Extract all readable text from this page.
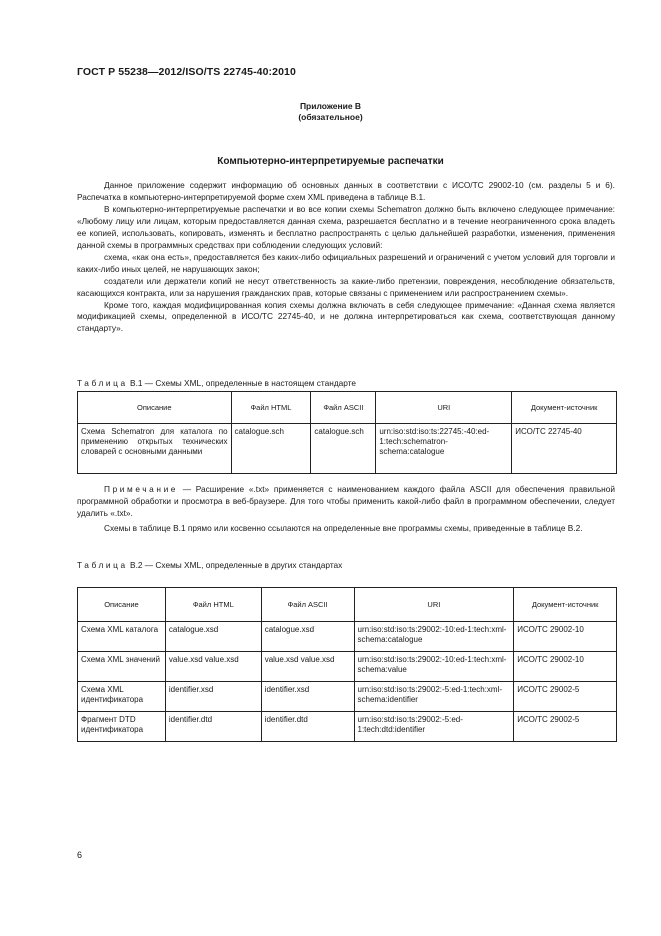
ГОСТ Р 55238—2012/ISO/TS 22745-40:2010
Приложение В
(обязательное)
Компьютерно-интерпретируемые распечатки

Данное приложение содержит информацию об основных данных в соответствии с ИСО/ТС 29002-10 (см. разделы 5 и 6). Распечатка в компьютерно-интерпретируемой форме схем XML приведена в таблице В.1.

В компьютерно-интерпретируемые распечатки и во все копии схемы Schematron должно быть включено следующее примечание: «Любому лицу или лицам, которым предоставляется данная схема, разрешается бесплатно и в течение неограниченного срока владеть ее копией, использовать, копировать, изменять и бесплатно распространять с целью дальнейшей разработки, изменения, применения данной схемы в программных средствах при соблюдении следующих условий:

схема, «как она есть», предоставляется без каких-либо официальных разрешений и ограничений с учетом условий для торговли и каких-либо иных целей, не нарушающих закон;

создатели или держатели копий не несут ответственность за какие-либо претензии, повреждения, несоблюдение обязательств, касающихся контракта, или за нарушения гражданских прав, которые связаны с применением или распространением схемы».

Кроме того, каждая модифицированная копия схемы должна включать в себя следующее примечание: «Данная схема является модификацией схемы, определенной в ИСО/ТС 22745-40, и не должна интерпретироваться как схема, соответствующая данному стандарту».

Таблица В.1 — Схемы XML, определенные в настоящем стандарте
Описание	Файл HTML	Файл ASCII	URI	Документ-источник
Схема Schematron для каталога по применению открытых технических словарей с основными данными	catalogue.sch	catalogue.sch	urn:iso:std:iso:ts:22745:-40:ed-1:tech:schematron-schema:catalogue	ИСО/ТС 22745-40

Примечание — Расширение «.txt» применяется с наименованием каждого файла ASCII для обеспечения правильной программной обработки и просмотра в веб-браузере. Для того чтобы применить какой-либо файл в программном обеспечении, следует удалить «.txt».

Схемы в таблице В.1 прямо или косвенно ссылаются на определенные вне программы схемы, приведенные в таблице В.2.

Таблица В.2 — Схемы XML, определенные в других стандартах
Описание	Файл HTML	Файл ASCII	URI	Документ-источник
Схема XML каталога	catalogue.xsd	catalogue.xsd	urn:iso:std:iso:ts:29002:-10:ed-1:tech:xml-schema:catalogue	ИСО/ТС 29002-10
Схема XML значений	value.xsd value.xsd	value.xsd value.xsd	urn:iso:std:iso:ts:29002:-10:ed-1:tech:xml-schema:value	ИСО/ТС 29002-10
Схема XML идентификатора	identifier.xsd	identifier.xsd	urn:iso:std:iso:ts:29002:-5:ed-1:tech:xml-schema:identifier	ИСО/ТС 29002-5
Фрагмент DTD идентификатора	identifier.dtd	identifier.dtd	urn:iso:std:iso:ts:29002:-5:ed-1:tech:dtd:identifier	ИСО/ТС 29002-5
6
